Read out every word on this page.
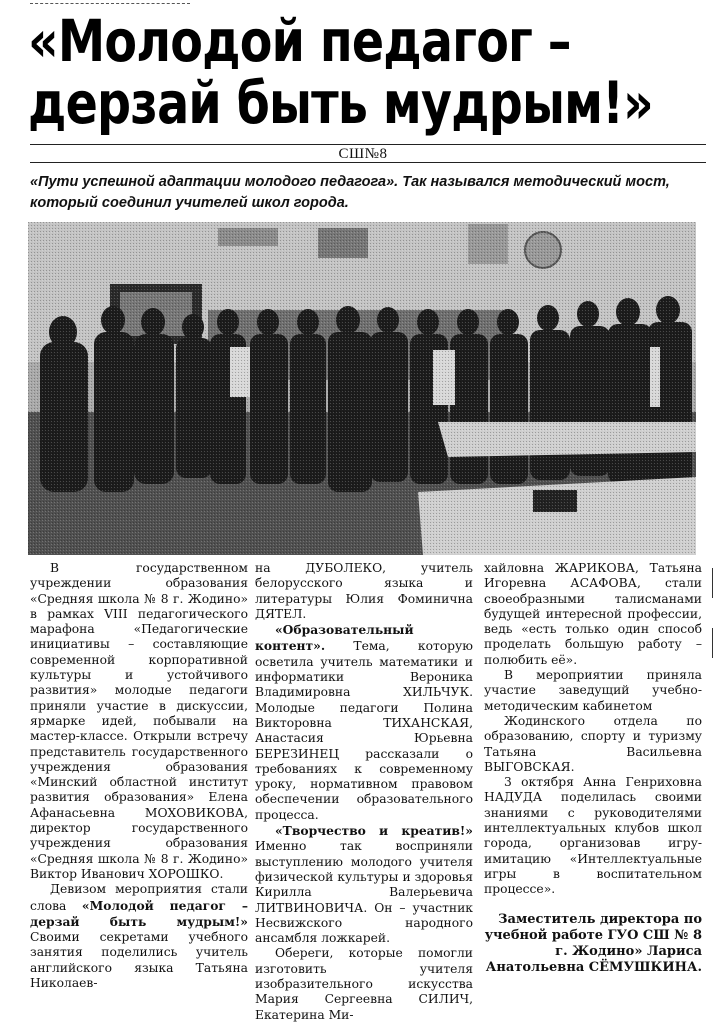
«Молодой педагог –
дерзай быть мудрым!»
СШ№8
«Пути успешной адаптации молодого педагога». Так назывался методический мост, который соединил учителей школ города.

В государственном учреждении образования «Средняя школа № 8 г. Жодино» в рамках VIII педагогического марафона «Педагогические инициативы – составляющие современной корпоративной культуры и устойчивого развития» молодые педагоги приняли участие в дискуссии, ярмарке идей, побывали на мастер-классе. Открыли встречу представитель государственного учреждения образования «Минский областной институт развития образования» Елена Афанасьевна МОХОВИКОВА, директор государственного учреждения образования «Средняя школа № 8 г. Жодино» Виктор Иванович ХОРОШКО.

Девизом мероприятия стали слова «Молодой педагог – дерзай быть мудрым!» Своими секретами учебного занятия поделились учитель английского языка Татьяна Николаев-

на ДУБОЛЕКО, учитель белорусского языка и литературы Юлия Фоминична ДЯТЕЛ.

«Образовательный контент». Тема, которую осветила учитель математики и информатики Вероника Владимировна ХИЛЬЧУК. Молодые педагоги Полина Викторовна ТИХАНСКАЯ, Анастасия Юрьевна БЕРЕЗИНЕЦ рассказали о требованиях к современному уроку, нормативном правовом обеспечении образовательного процесса.

«Творчество и креатив!» Именно так восприняли выступлению молодого учителя физической культуры и здоровья Кирилла Валерьевича ЛИТВИНОВИЧА. Он – участник Несвижского народного ансамбля ложкарей.

Обереги, которые помогли изготовить учителя изобразительного искусства Мария Сергеевна СИЛИЧ, Екатерина Ми-

хайловна ЖАРИКОВА, Татьяна Игоревна АСАФОВА, стали своеобразными талисманами будущей интересной профессии, ведь «есть только один способ проделать большую работу – полюбить её».

В мероприятии приняла участие заведущий учебно-методическим кабинетом

Жодинского отдела по образованию, спорту и туризму Татьяна Васильевна ВЫГОВСКАЯ.

3 октября Анна Генриховна НАДУДА поделилась своими знаниями с руководителями интеллектуальных клубов школ города, организовав игру-имитацию «Интеллектуальные игры в воспитательном процессе».

Заместитель директора по учебной работе ГУО СШ № 8 г. Жодино» Лариса Анатольевна СЁМУШКИНА.
